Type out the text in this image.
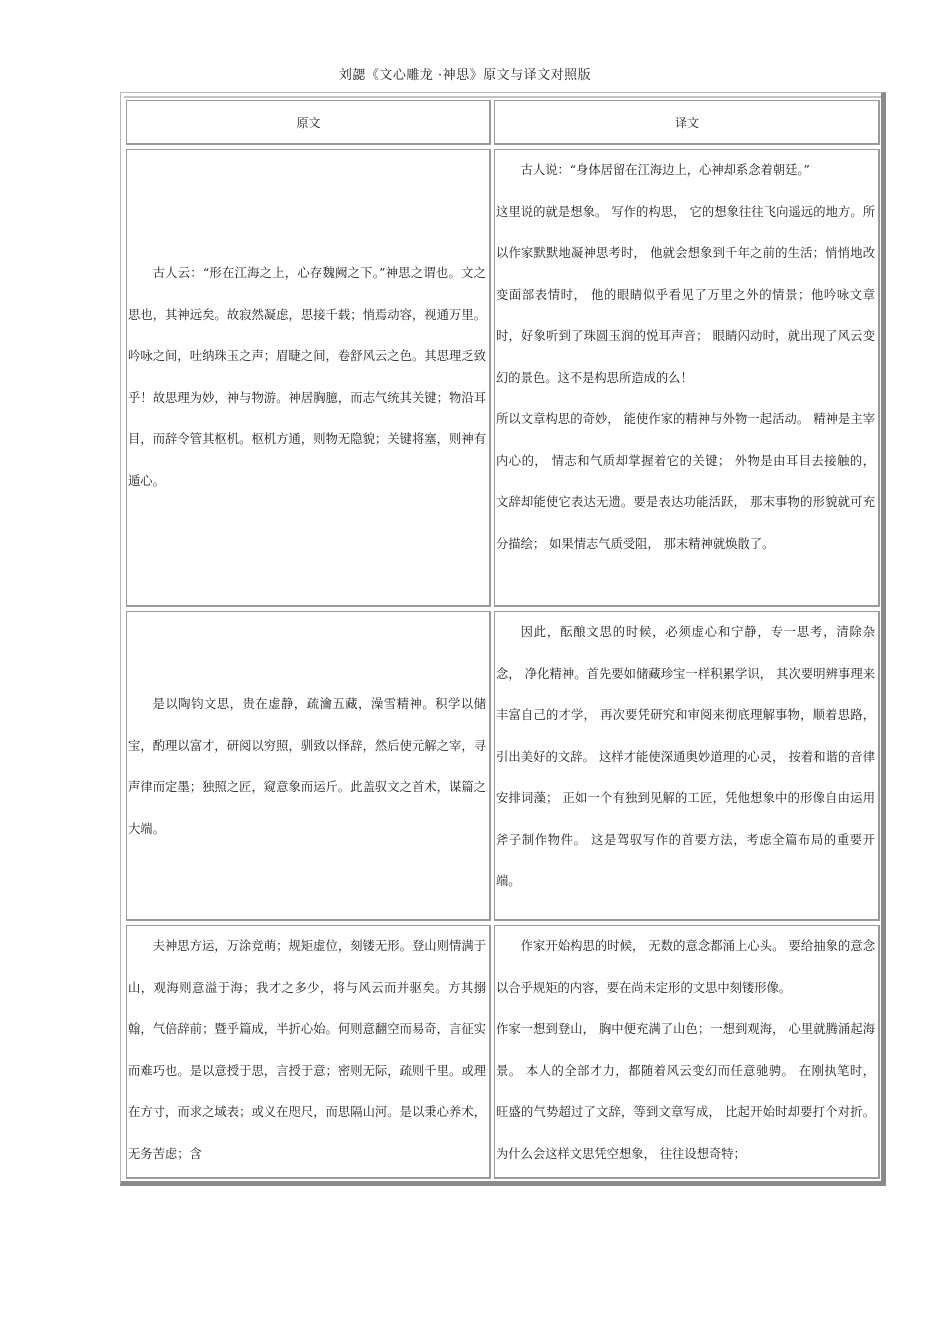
刘勰《文心雕龙 ·神思》原文与译文对照版
原文	译文

古人云：“形在江海之上，心存魏阙之下。”神思之谓也。文之思也，其神远矣。故寂然凝虑，思接千载；悄焉动容，视通万里。吟咏之间，吐纳珠玉之声；眉睫之间，卷舒风云之色。其思理乏致乎！故思理为妙，神与物游。神居胸臆，而志气统其关键；物沿耳目，而辞令管其枢机。枢机方通，则物无隐貌；关键将塞，则神有遁心。

古人说：“身体居留在江海边上，心神却系念着朝廷。”

这里说的就是想象。 写作的构思， 它的想象往往飞向遥远的地方。所以作家默默地凝神思考时， 他就会想象到千年之前的生活；悄悄地改变面部表情时， 他的眼睛似乎看见了万里之外的情景；他吟咏文章时，好象听到了珠圆玉润的悦耳声音； 眼睛闪动时，就出现了风云变幻的景色。这不是构思所造成的么！

所以文章构思的奇妙， 能使作家的精神与外物一起活动。 精神是主宰内心的， 情志和气质却掌握着它的关键； 外物是由耳目去接触的， 文辞却能使它表达无遗。要是表达功能活跃， 那末事物的形貌就可充分描绘； 如果情志气质受阻， 那末精神就焕散了。

是以陶钧文思，贵在虚静，疏瀹五藏，澡雪精神。积学以储宝，酌理以富才，研阅以穷照，驯致以怿辞，然后使元解之宰，寻声律而定墨；独照之匠，窥意象而运斤。此盖驭文之首术，谋篇之大端。

因此，酝酿文思的时候，必须虚心和宁静，专一思考，清除杂念， 净化精神。首先要如储藏珍宝一样积累学识， 其次要明辨事理来丰富自己的才学， 再次要凭研究和审阅来彻底理解事物，顺着思路，引出美好的文辞。 这样才能使深通奥妙道理的心灵， 按着和谐的音律安排词藻； 正如一个有独到见解的工匠，凭他想象中的形像自由运用斧子制作物件。 这是驾驭写作的首要方法，考虑全篇布局的重要开端。

夫神思方运，万涂竞萌；规矩虚位，刻镂无形。登山则情满于山，观海则意溢于海；我才之多少，将与风云而并驱矣。方其搦翰，气倍辞前；暨乎篇成，半折心始。何则意翻空而易奇，言征实而难巧也。是以意授于思，言授于意；密则无际，疏则千里。或理在方寸，而求之域表；或义在咫尺，而思隔山河。是以秉心养术，无务苦虑；含

作家开始构思的时候， 无数的意念都涌上心头。 要给抽象的意念以合乎规矩的内容，要在尚未定形的文思中刻镂形像。

作家一想到登山， 胸中便充满了山色；一想到观海， 心里就腾涌起海景。 本人的全部才力，都随着风云变幻而任意驰骋。 在刚执笔时， 旺盛的气势超过了文辞，等到文章写成， 比起开始时却要打个对折。 为什么会这样文思凭空想象， 往往设想奇特；
